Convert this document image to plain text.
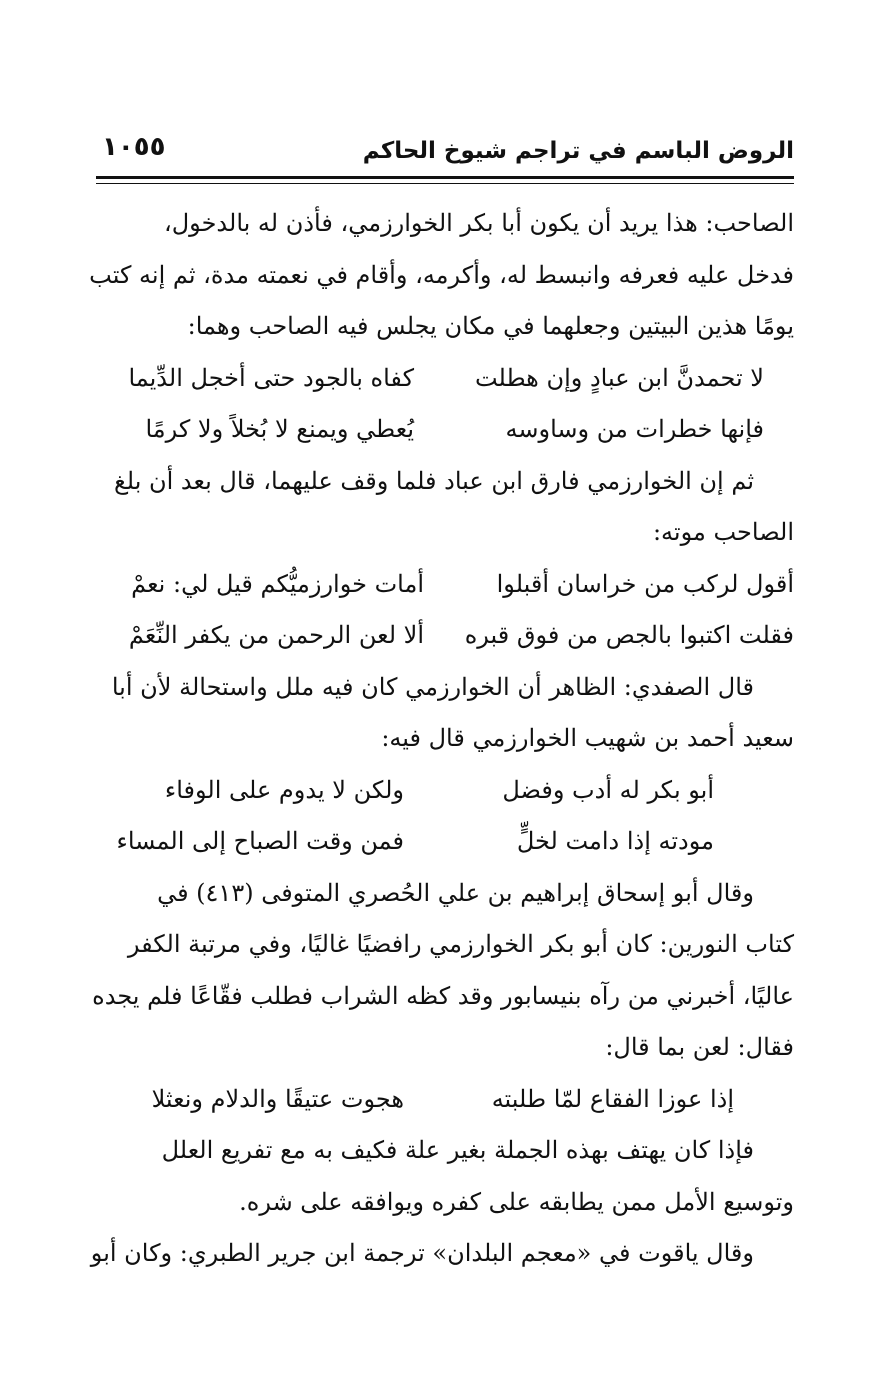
الروض الباسم في تراجم شيوخ الحاكم
١٠٥٥
الصاحب: هذا يريد أن يكون أبا بكر الخوارزمي، فأذن له بالدخول،
فدخل عليه فعرفه وانبسط له، وأكرمه، وأقام في نعمته مدة، ثم إنه كتب
يومًا هذين البيتين وجعلهما في مكان يجلس فيه الصاحب وهما:
لا تحمدنَّ ابن عبادٍ وإن هطلت
كفاه بالجود حتى أخجل الدِّيما
فإنها خطرات من وساوسه
يُعطي ويمنع لا بُخلاً ولا كرمًا
ثم إن الخوارزمي فارق ابن عباد فلما وقف عليهما، قال بعد أن بلغ
الصاحب موته:
أقول لركب من خراسان أقبلوا
أمات خوارزميُّكم قيل لي: نعمْ
فقلت اكتبوا بالجص من فوق قبره
ألا لعن الرحمن من يكفر النِّعَمْ
قال الصفدي: الظاهر أن الخوارزمي كان فيه ملل واستحالة لأن أبا
سعيد أحمد بن شهيب الخوارزمي قال فيه:
أبو بكر له أدب وفضل
ولكن لا يدوم على الوفاء
مودته إذا دامت لخلٍّ
فمن وقت الصباح إلى المساء
وقال أبو إسحاق إبراهيم بن علي الحُصري المتوفى (٤١٣) في
كتاب النورين: كان أبو بكر الخوارزمي رافضيًا غاليًا، وفي مرتبة الكفر
عاليًا، أخبرني من رآه بنيسابور وقد كظه الشراب فطلب فقّاعًا فلم يجده
فقال: لعن بما قال:
إذا عوزا الفقاع لمّا طلبته
هجوت عتيقًا والدلام ونعثلا
فإذا كان يهتف بهذه الجملة بغير علة فكيف به مع تفريع العلل
وتوسيع الأمل ممن يطابقه على كفره ويوافقه على شره.
وقال ياقوت في «معجم البلدان» ترجمة ابن جرير الطبري: وكان أبو
